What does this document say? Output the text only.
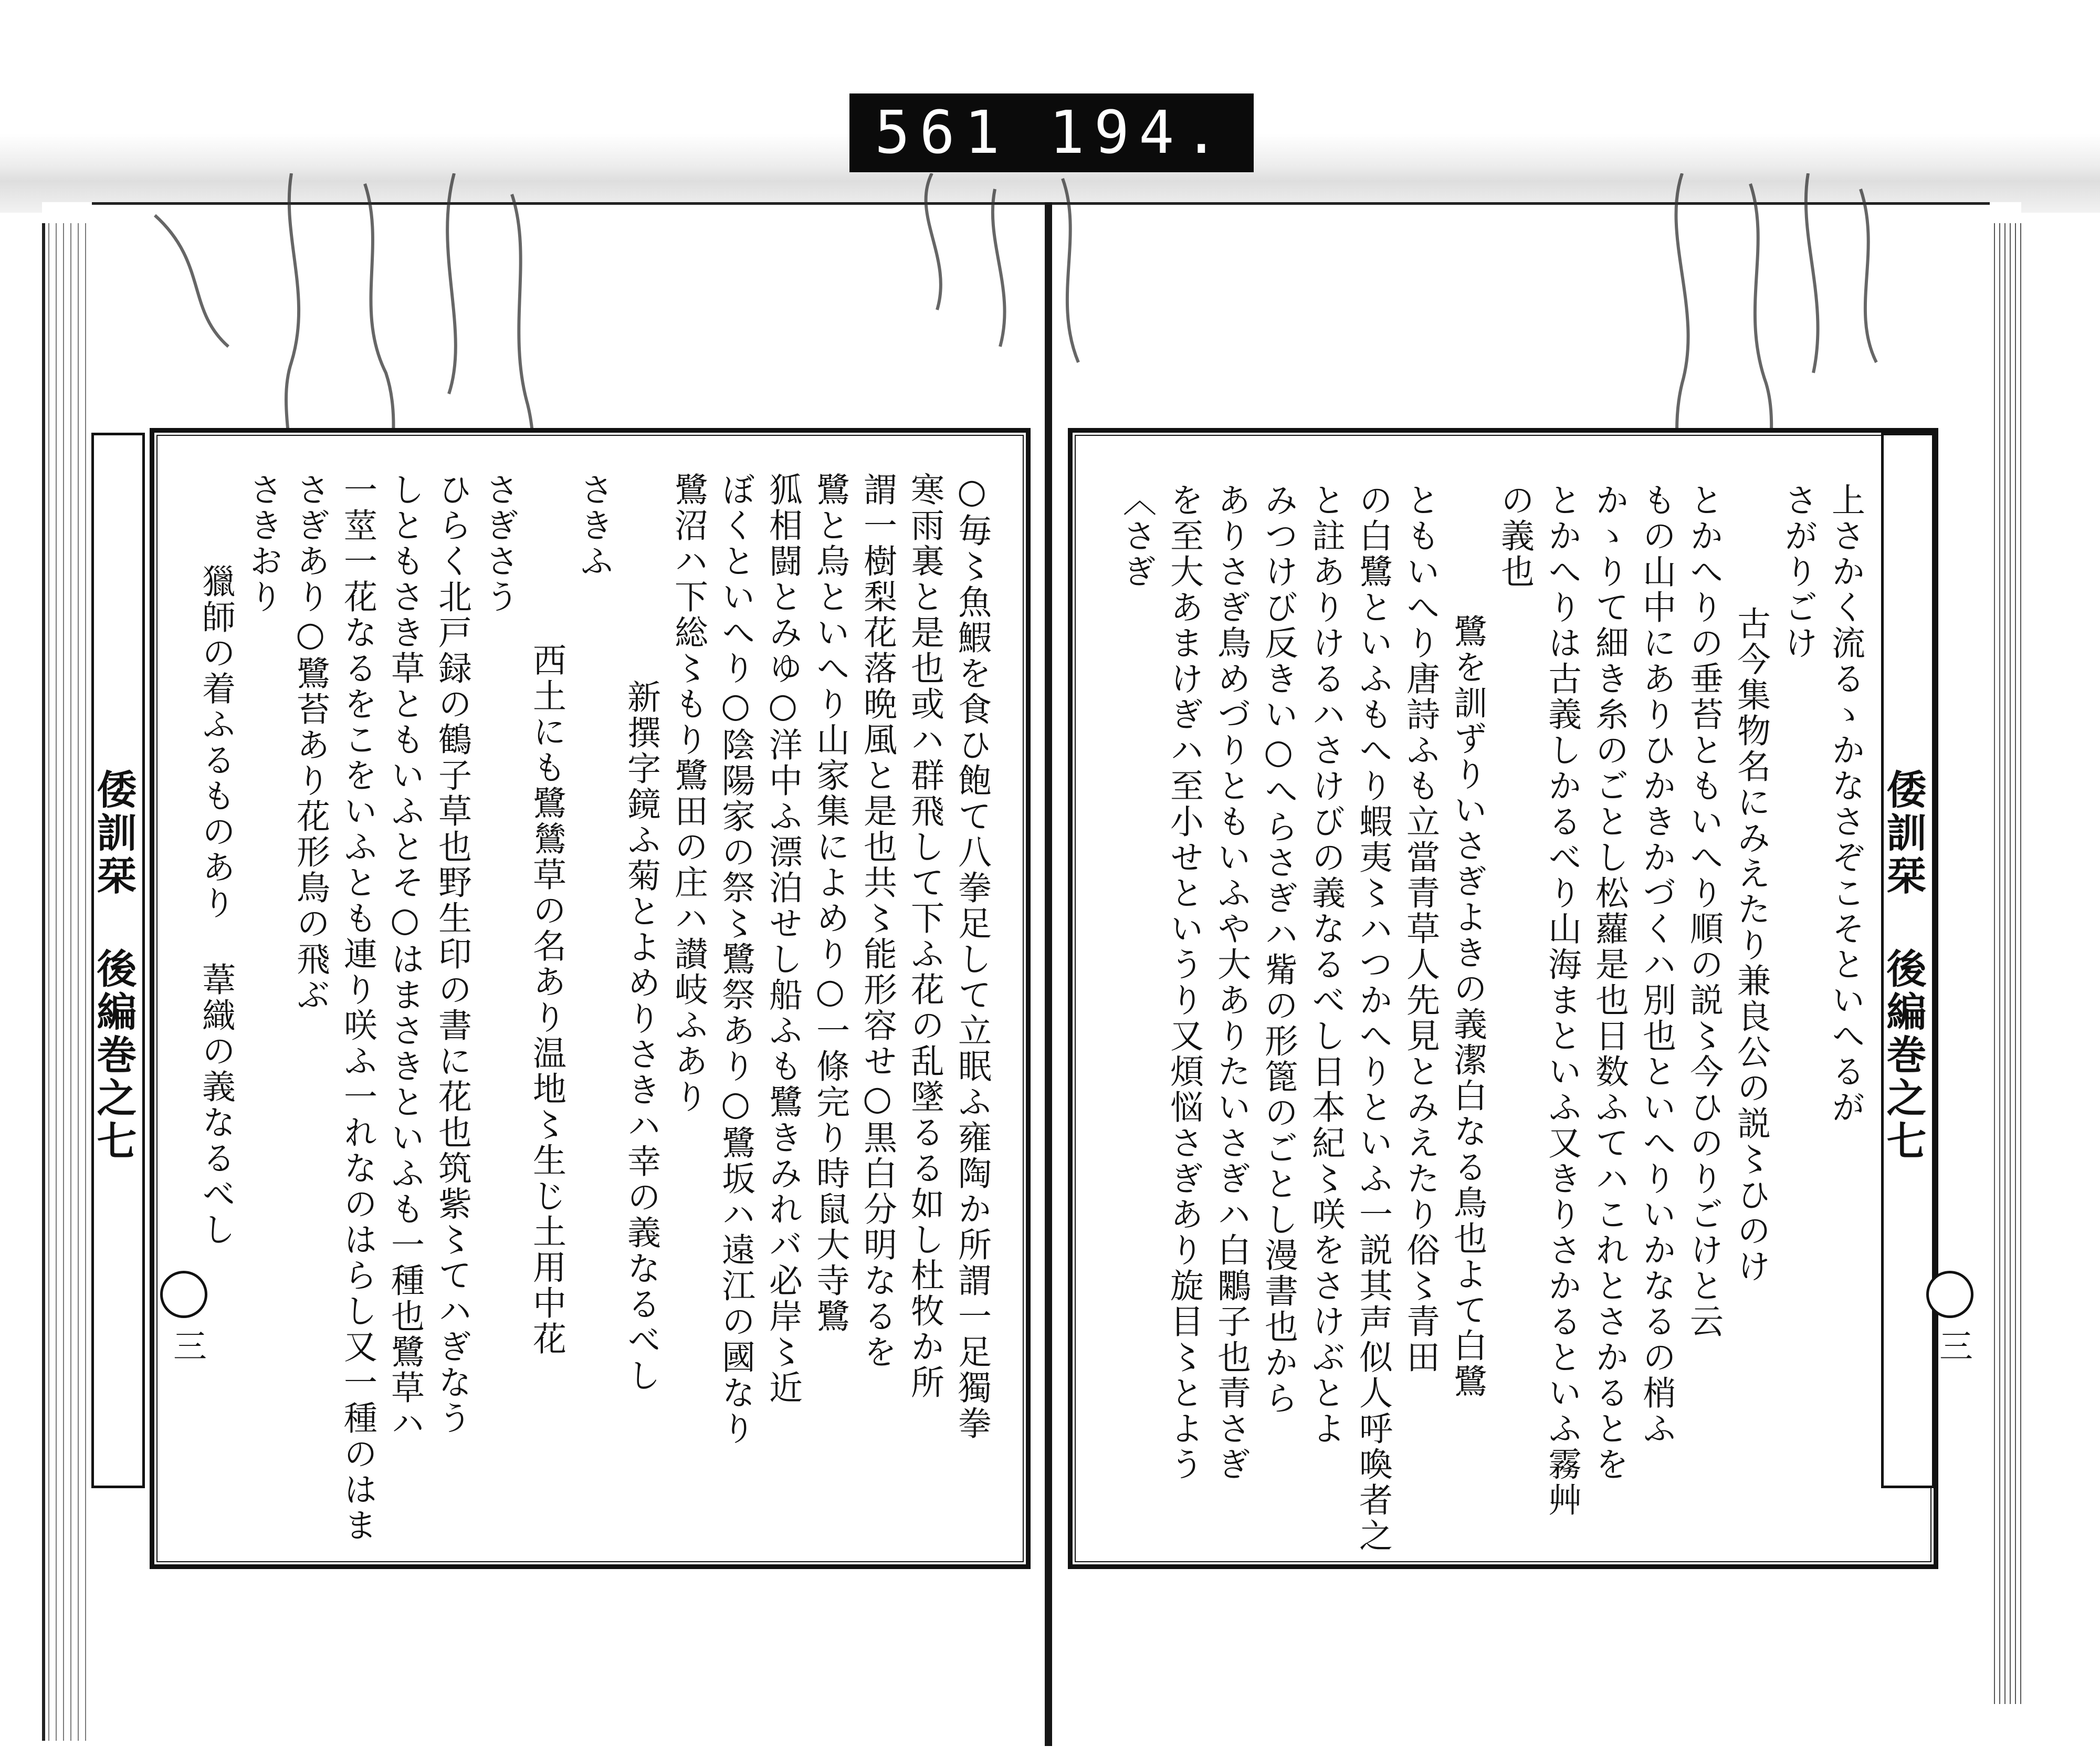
561 194.
倭訓栞 後編巻之七	○毎〻魚鰕を食ひ飽て八拳足して立眠ふ雍陶か所謂一足獨拳
寒雨裏と是也或ハ群飛して下ふ花の乱墜るる如し杜牧か所
謂一樹梨花落晩風と是也共〻能形容せ○黒白分明なるを
鷺と烏といへり山家集によめり○一條完り時鼠大寺鷺
狐相闘とみゆ○洋中ふ漂泊せし船ふも鷺きみれバ必岸〻近
ぼくといへり○陰陽家の祭〻鷺祭あり○鷺坂ハ遠江の國なり
鷺沼ハ下総〻もり鷺田の庄ハ讃岐ふあり
新撰字鏡ふ菊とよめりさきハ幸の義なるべし
さきふ
西土にも鷺鷥草の名あり温地〻生じ土用中花
さぎさう
ひらく北戸録の鶴子草也野生印の書に花也筑紫〻てハぎなう
しともさき草ともいふとそ○はまさきといふも一種也鷺草ハ
一莖一花なるをこをいふとも連り咲ふ一れなのはらし又一種のはま
さぎあり○鷺苔あり花形鳥の飛ぶ
さきおり
獵師の着ふるものあり 葦織の義なるべし
三
倭訓栞 後編巻之七
上さかく流るゝかなさぞこそといへるが
さがりごけ
古今集物名にみえたり兼良公の説〻ひのけ
とかへりの垂苔ともいへり順の説〻今ひのりごけと云
もの山中にありひかきかづくハ別也といへりいかなるの梢ふ
かゝりて細き糸のごとし松蘿是也日数ふてハこれとさかるとを
とかへりは古義しかるべり山海まといふ又きりさかるといふ霧艸
の義也
鷺を訓ずりいさぎよきの義潔白なる鳥也よて白鷺
ともいへり唐詩ふも立當青草人先見とみえたり俗〻青田
の白鷺といふもへり蝦夷〻ハつかへりといふ一説其声似人呼喚者之
と註ありけるハさけびの義なるべし日本紀〻咲をさけぶとよ
みつけび反きい○へらさぎハ觜の形篦のごとし漫書也から
ありさぎ鳥めづりともいふや大ありたいさぎハ白鷴子也青さぎ
を至大あまけぎハ至小せというり又煩悩さぎあり旋目〻とよう
〈さぎ
三
